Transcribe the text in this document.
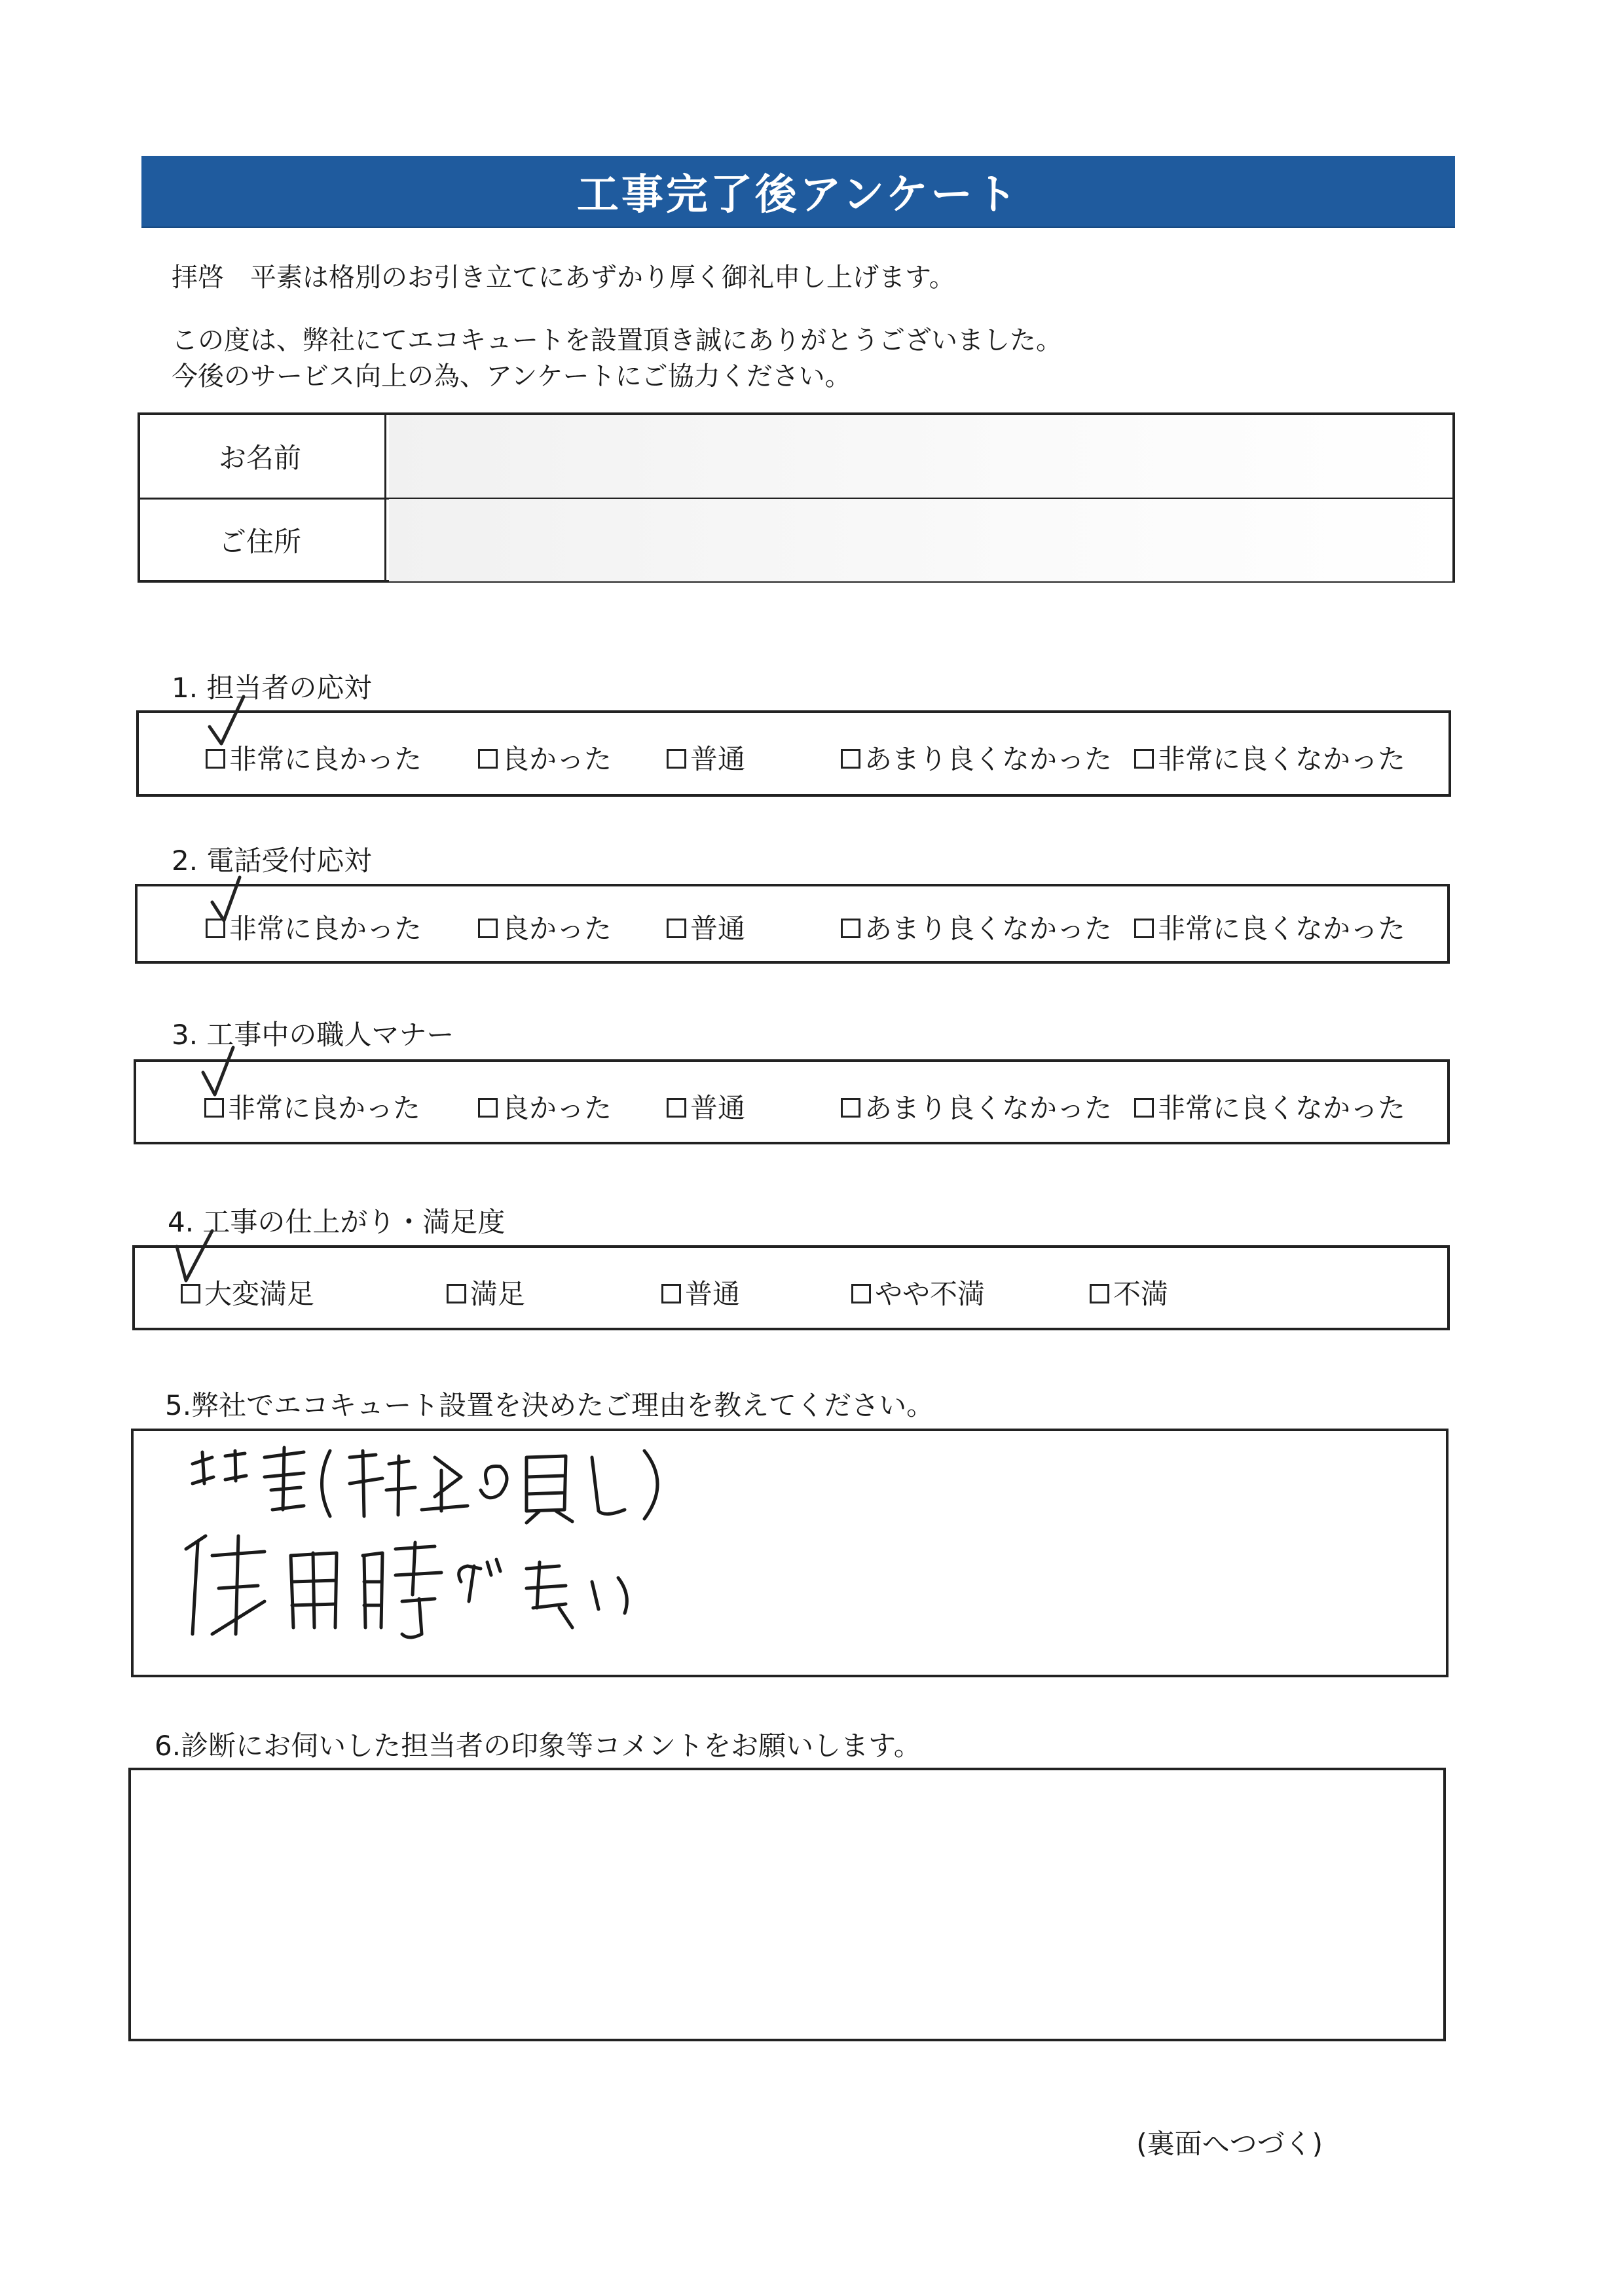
工事完了後アンケート
拝啓　平素は格別のお引き立てにあずかり厚く御礼申し上げます。
この度は、弊社にてエコキュートを設置頂き誠にありがとうございました。
今後のサービス向上の為、アンケートにご協力ください。
お名前
ご住所
1. 担当者の応対
非常に良かった	良かった	普通	あまり良くなかった 非常に良くなかった
2. 電話受付応対
非常に良かった	良かった	普通	あまり良くなかった 非常に良くなかった
3. 工事中の職人マナー
非常に良かった	良かった	普通	あまり良くなかった 非常に良くなかった
4. 工事の仕上がり・満足度
大変満足	満足	普通	やや不満	不満
5.弊社でエコキュート設置を決めたご理由を教えてください。
6.診断にお伺いした担当者の印象等コメントをお願いします。
(裏面へつづく)
